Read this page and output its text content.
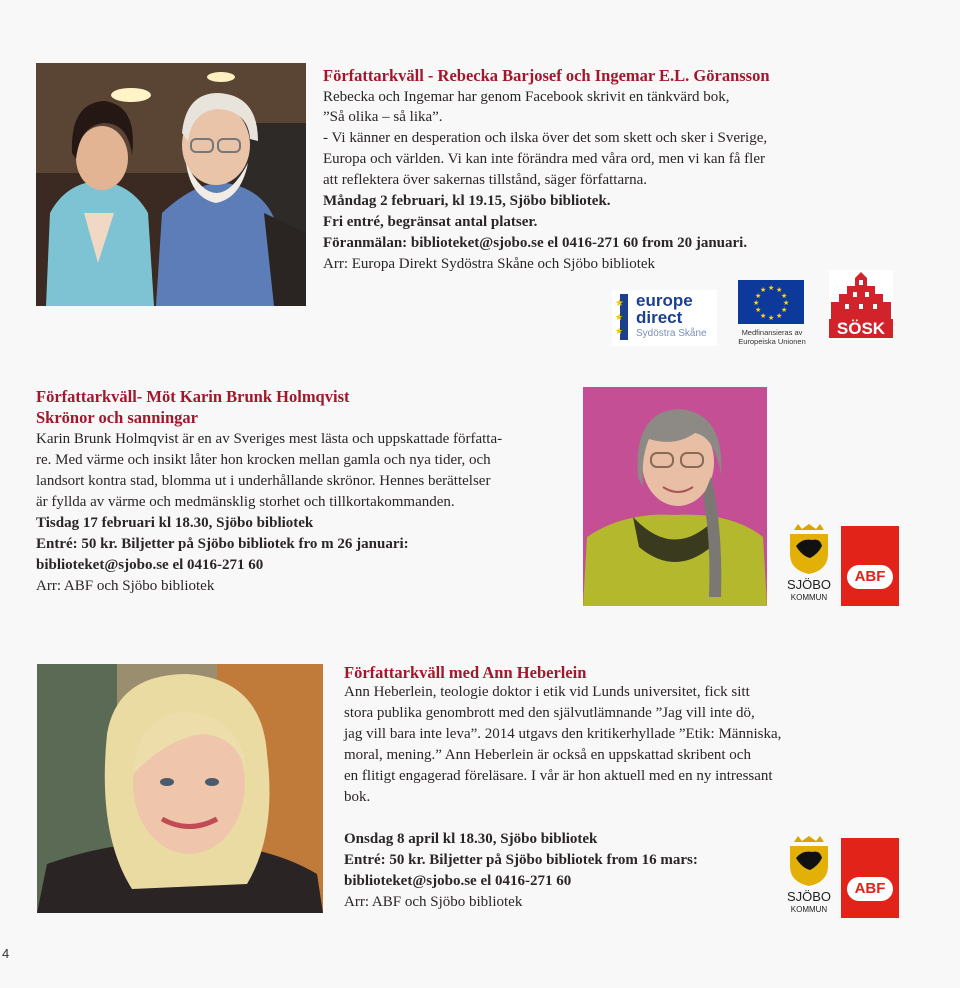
Författarkväll - Rebecka Barjosef och Ingemar E.L. Göransson
Rebecka och Ingemar har genom Facebook skrivit en tänkvärd bok,
”Så olika – så lika”.
- Vi känner en desperation och ilska över det som skett och sker i Sverige,
Europa och världen. Vi kan inte förändra med våra ord, men vi kan få fler
att reflektera över sakernas tillstånd, säger författarna.
Måndag 2 februari, kl 19.15, Sjöbo bibliotek.
Fri entré, begränsat antal platser.
Föranmälan: biblioteket@sjobo.se el 0416-271 60 from 20 januari.
Arr: Europa Direkt Sydöstra Skåne och Sjöbo bibliotek
★
★
★
europe
direct
Sydöstra Skåne
★ ★
★
★
★
★
★
★
★
★
★
★
Medfinansieras av
Europeiska Unionen
SÖSK
Författarkväll- Möt Karin Brunk Holmqvist
Skrönor och sanningar
Karin Brunk Holmqvist är en av Sveriges mest lästa och uppskattade författa-
re. Med värme och insikt låter hon krocken mellan gamla och nya tider, och
landsort kontra stad, blomma ut i underhållande skrönor. Hennes berättelser
är fyllda av värme och medmänsklig storhet och tillkortakommanden.
Tisdag 17 februari kl 18.30, Sjöbo bibliotek
Entré: 50 kr. Biljetter på Sjöbo bibliotek fro m 26 januari:
biblioteket@sjobo.se el 0416-271 60
Arr: ABF och Sjöbo bibliotek	SJÖBO
KOMMUN
ABF
Författarkväll med Ann Heberlein
Ann Heberlein, teologie doktor i etik vid Lunds universitet, fick sitt
stora publika genombrott med den självutlämnande ”Jag vill inte dö,
jag vill bara inte leva”. 2014 utgavs den kritikerhyllade ”Etik: Människa,
moral, mening.” Ann Heberlein är också en uppskattad skribent och
en flitigt engagerad föreläsare. I vår är hon aktuell med en ny intressant
bok.
Onsdag 8 april kl 18.30, Sjöbo bibliotek
Entré: 50 kr. Biljetter på Sjöbo bibliotek from 16 mars:
biblioteket@sjobo.se el 0416-271 60
Arr: ABF och Sjöbo bibliotek	SJÖBO
KOMMUN
ABF
4
